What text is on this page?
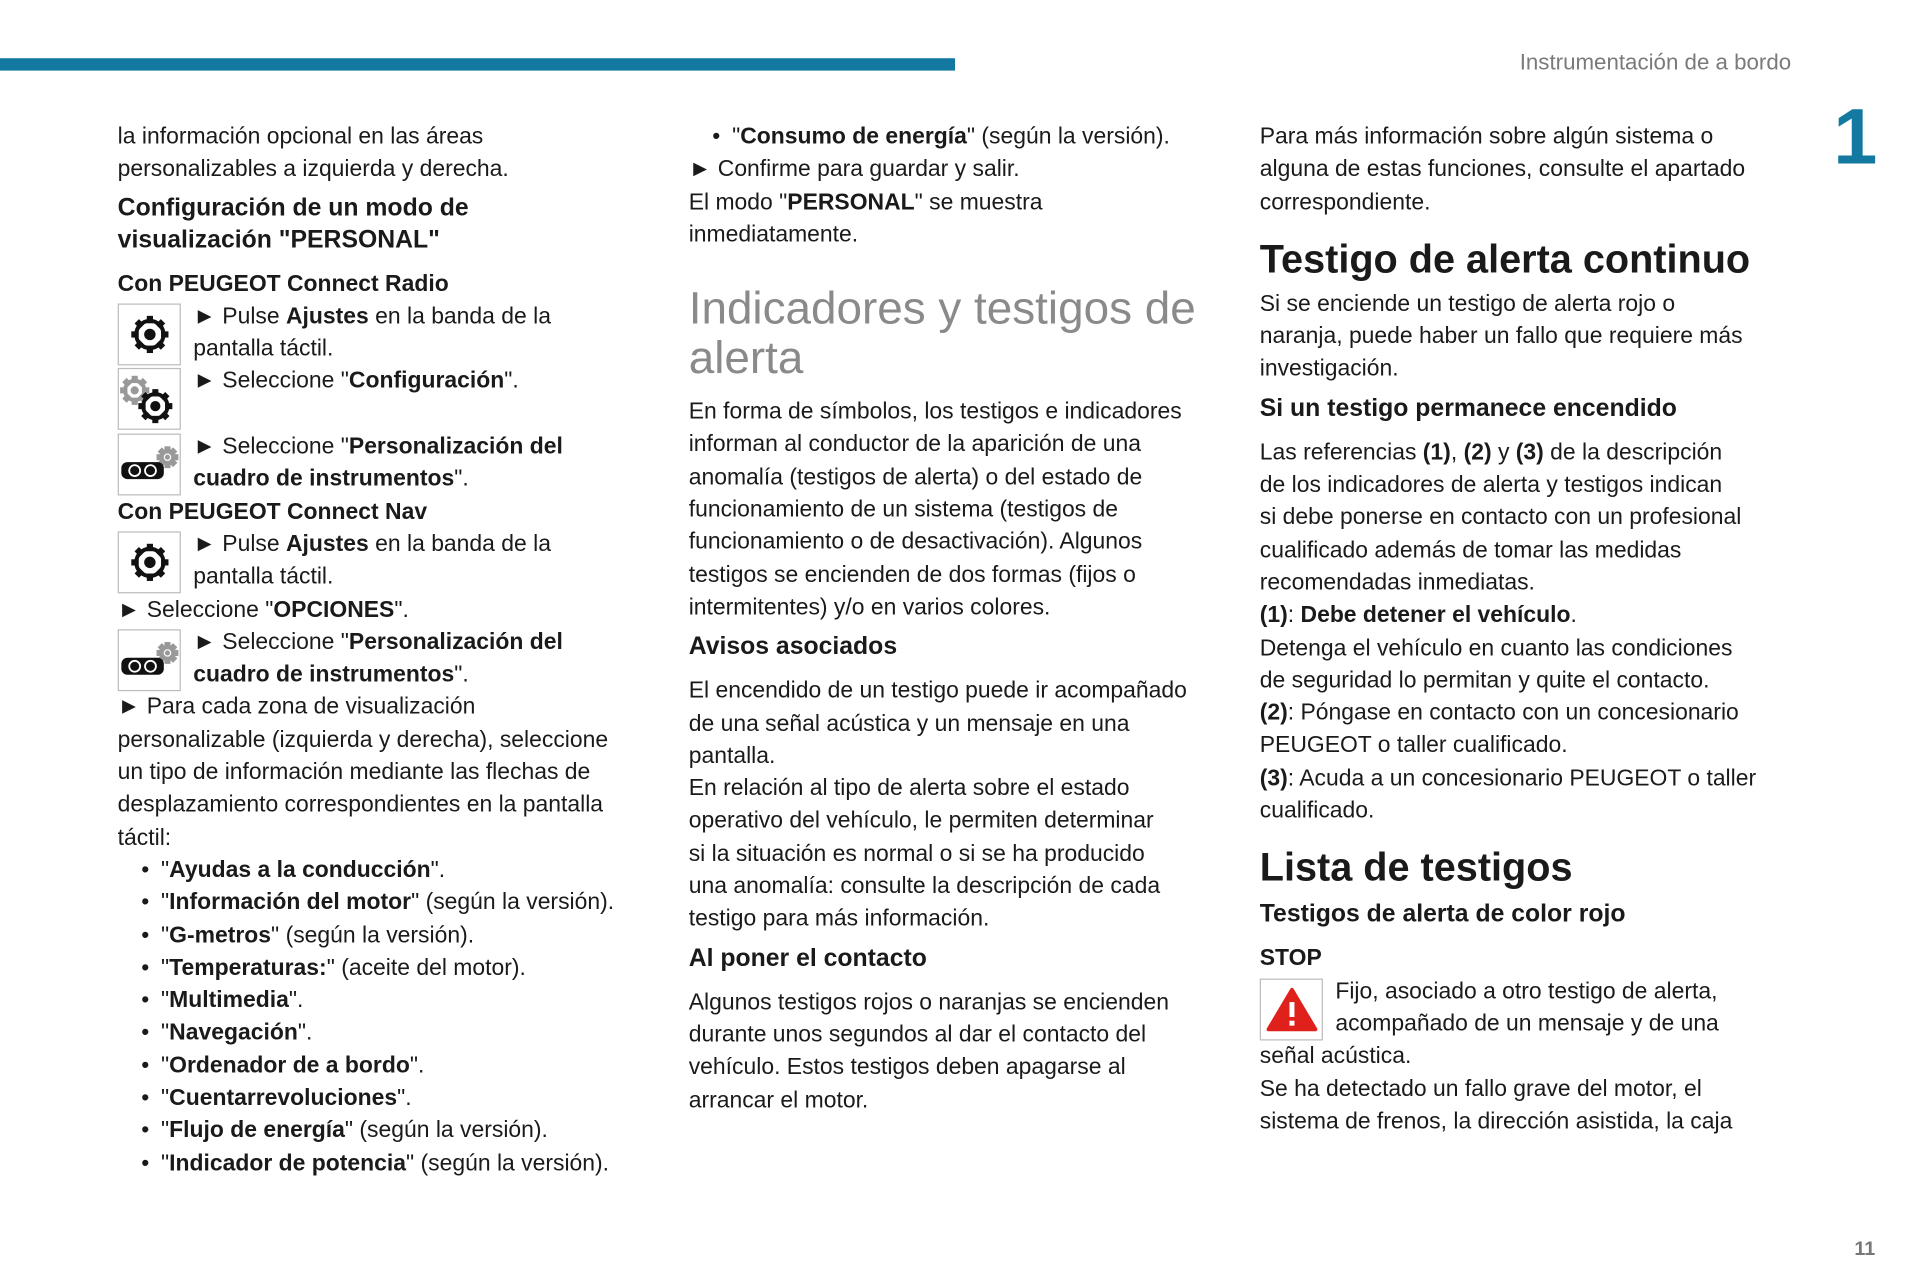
Instrumentación de a bordo
1
11
la información opcional en las áreas
personalizables a izquierda y derecha.
Configuración de un modo de
visualización "PERSONAL"
Con PEUGEOT Connect Radio
► Pulse Ajustes en la banda de la
pantalla táctil.
► Seleccione "Configuración".
► Seleccione "Personalización del
cuadro de instrumentos".
Con PEUGEOT Connect Nav
► Pulse Ajustes en la banda de la
pantalla táctil.
► Seleccione "OPCIONES".
► Seleccione "Personalización del
cuadro de instrumentos".
► Para cada zona de visualización
personalizable (izquierda y derecha), seleccione
un tipo de información mediante las flechas de
desplazamiento correspondientes en la pantalla
táctil:
• "Ayudas a la conducción".
• "Información del motor" (según la versión).
• "G-metros" (según la versión).
• "Temperaturas:" (aceite del motor).
• "Multimedia".
• "Navegación".
• "Ordenador de a bordo".
• "Cuentarrevoluciones".
• "Flujo de energía" (según la versión).
• "Indicador de potencia" (según la versión).
• "Consumo de energía" (según la versión).
► Confirme para guardar y salir.
El modo "PERSONAL" se muestra
inmediatamente.
Indicadores y testigos de
alerta
En forma de símbolos, los testigos e indicadores
informan al conductor de la aparición de una
anomalía (testigos de alerta) o del estado de
funcionamiento de un sistema (testigos de
funcionamiento o de desactivación). Algunos
testigos se encienden de dos formas (fijos o
intermitentes) y/o en varios colores.
Avisos asociados
El encendido de un testigo puede ir acompañado
de una señal acústica y un mensaje en una
pantalla.
En relación al tipo de alerta sobre el estado
operativo del vehículo, le permiten determinar
si la situación es normal o si se ha producido
una anomalía: consulte la descripción de cada
testigo para más información.
Al poner el contacto
Algunos testigos rojos o naranjas se encienden
durante unos segundos al dar el contacto del
vehículo. Estos testigos deben apagarse al
arrancar el motor.
Para más información sobre algún sistema o
alguna de estas funciones, consulte el apartado
correspondiente.
Testigo de alerta continuo
Si se enciende un testigo de alerta rojo o
naranja, puede haber un fallo que requiere más
investigación.
Si un testigo permanece encendido
Las referencias (1), (2) y (3) de la descripción
de los indicadores de alerta y testigos indican
si debe ponerse en contacto con un profesional
cualificado además de tomar las medidas
recomendadas inmediatas.
(1): Debe detener el vehículo.
Detenga el vehículo en cuanto las condiciones
de seguridad lo permitan y quite el contacto.
(2): Póngase en contacto con un concesionario
PEUGEOT o taller cualificado.
(3): Acuda a un concesionario PEUGEOT o taller
cualificado.
Lista de testigos
Testigos de alerta de color rojo
STOP
Fijo, asociado a otro testigo de alerta,
acompañado de un mensaje y de una
señal acústica.
Se ha detectado un fallo grave del motor, el
sistema de frenos, la dirección asistida, la caja
